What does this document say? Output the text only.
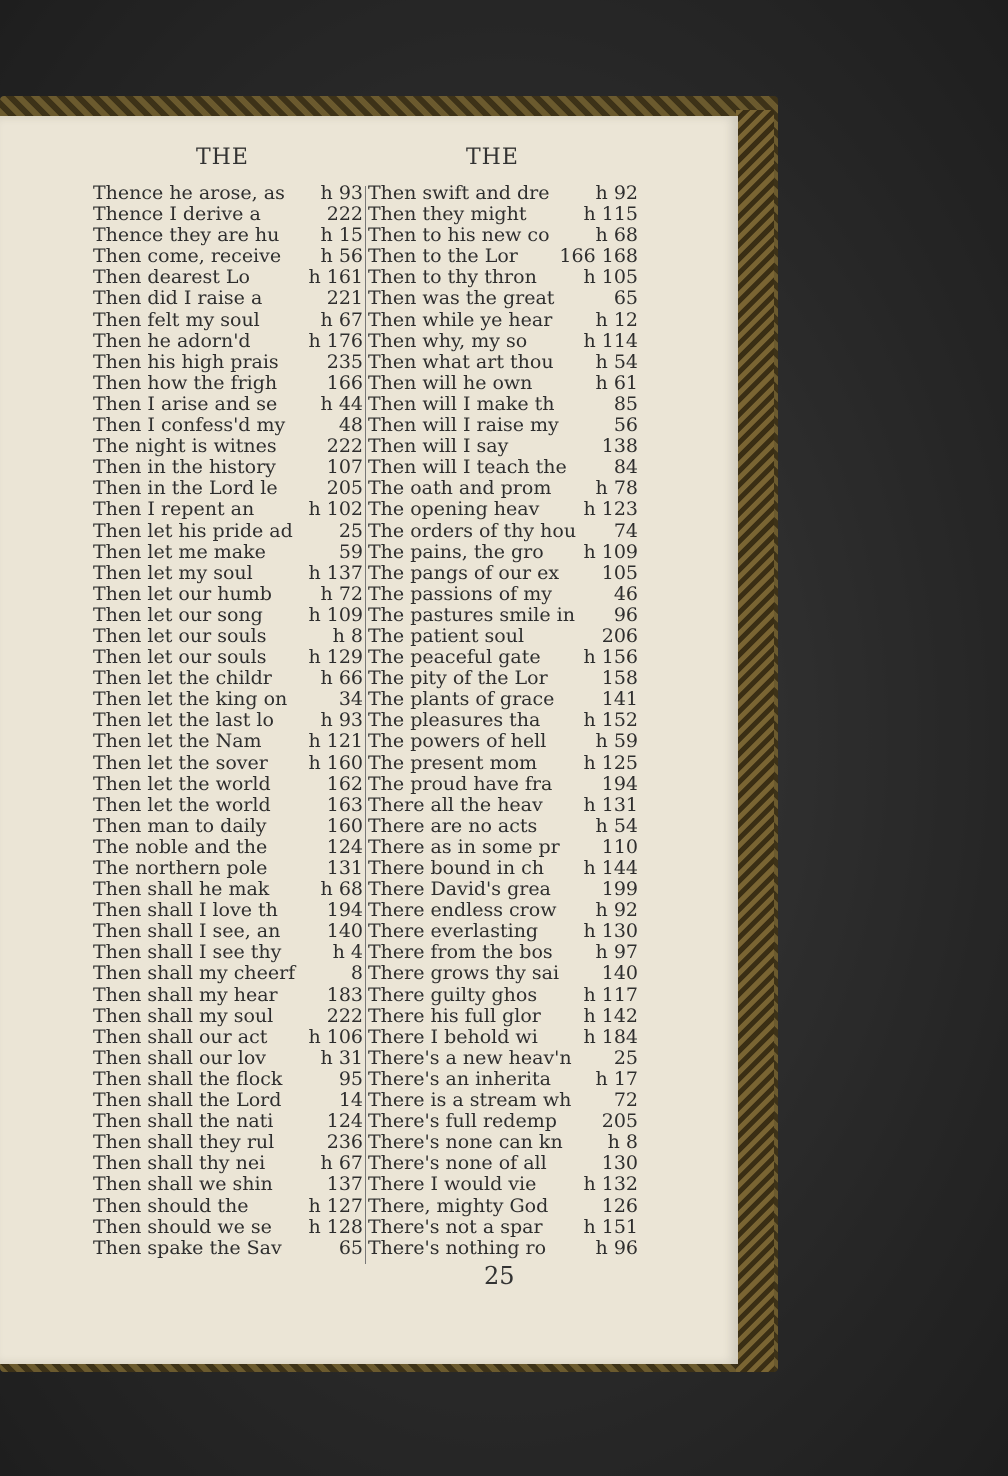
THE	THE
Thence he arose, as	h 93
Thence I derive a	222
Thence they are hu	h 15
Then come, receive	h 56
Then dearest Lo	h 161
Then did I raise a	221
Then felt my soul	h 67
Then he adorn'd	h 176
Then his high prais	235
Then how the frigh	166
Then I arise and se	h 44
Then I confess'd my	48
The night is witnes	222
Then in the history	107
Then in the Lord le	205
Then I repent an	h 102
Then let his pride ad	25
Then let me make	59
Then let my soul	h 137
Then let our humb	h 72
Then let our song	h 109
Then let our souls	h 8
Then let our souls	h 129
Then let the childr	h 66
Then let the king on	34
Then let the last lo	h 93
Then let the Nam	h 121
Then let the sover	h 160
Then let the world	162
Then let the world	163
Then man to daily	160
The noble and the	124
The northern pole	131
Then shall he mak	h 68
Then shall I love th	194
Then shall I see, an	140
Then shall I see thy	h 4
Then shall my cheerf	8
Then shall my hear	183
Then shall my soul	222
Then shall our act	h 106
Then shall our lov	h 31
Then shall the flock	95
Then shall the Lord	14
Then shall the nati	124
Then shall they rul	236
Then shall thy nei	h 67
Then shall we shin	137
Then should the	h 127
Then should we se	h 128
Then spake the Sav	65
Then swift and dre	h 92
Then they might	h 115
Then to his new co	h 68
Then to the Lor	166 168
Then to thy thron	h 105
Then was the great	65
Then while ye hear	h 12
Then why, my so	h 114
Then what art thou	h 54
Then will he own	h 61
Then will I make th	85
Then will I raise my	56
Then will I say	138
Then will I teach the	84
The oath and prom	h 78
The opening heav	h 123
The orders of thy hou	74
The pains, the gro	h 109
The pangs of our ex	105
The passions of my	46
The pastures smile in	96
The patient soul	206
The peaceful gate	h 156
The pity of the Lor	158
The plants of grace	141
The pleasures tha	h 152
The powers of hell	h 59
The present mom	h 125
The proud have fra	194
There all the heav	h 131
There are no acts	h 54
There as in some pr	110
There bound in ch	h 144
There David's grea	199
There endless crow	h 92
There everlasting	h 130
There from the bos	h 97
There grows thy sai	140
There guilty ghos	h 117
There his full glor	h 142
There I behold wi	h 184
There's a new heav'n	25
There's an inherita	h 17
There is a stream wh	72
There's full redemp	205
There's none can kn	h 8
There's none of all	130
There I would vie	h 132
There, mighty God	126
There's not a spar	h 151
There's nothing ro	h 96
25
